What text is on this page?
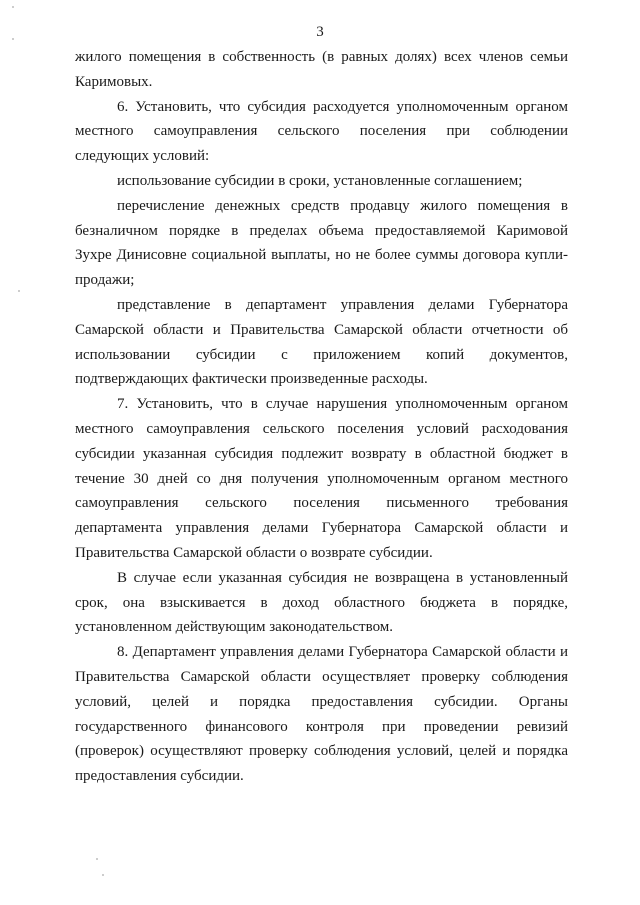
3
жилого помещения в собственность (в равных долях) всех членов семьи
Каримовых.
6. Установить, что субсидия расходуется уполномоченным органом
местного самоуправления сельского поселения при соблюдении
следующих условий:
использование субсидии в сроки, установленные соглашением;
перечисление денежных средств продавцу жилого помещения в
безналичном порядке в пределах объема предоставляемой Каримовой
Зухре Динисовне социальной выплаты, но не более суммы договора купли-
продажи;
представление в департамент управления делами Губернатора
Самарской области и Правительства Самарской области отчетности об
использовании субсидии с приложением копий документов,
подтверждающих фактически произведенные расходы.
7. Установить, что в случае нарушения уполномоченным органом
местного самоуправления сельского поселения условий расходования
субсидии указанная субсидия подлежит возврату в областной бюджет в
течение 30 дней со дня получения уполномоченным органом местного
самоуправления сельского поселения письменного требования
департамента управления делами Губернатора Самарской области и
Правительства Самарской области о возврате субсидии.
В случае если указанная субсидия не возвращена в установленный
срок, она взыскивается в доход областного бюджета в порядке,
установленном действующим законодательством.
8. Департамент управления делами Губернатора Самарской области и
Правительства Самарской области осуществляет проверку соблюдения
условий, целей и порядка предоставления субсидии. Органы
государственного финансового контроля при проведении ревизий
(проверок) осуществляют проверку соблюдения условий, целей и порядка
предоставления субсидии.
